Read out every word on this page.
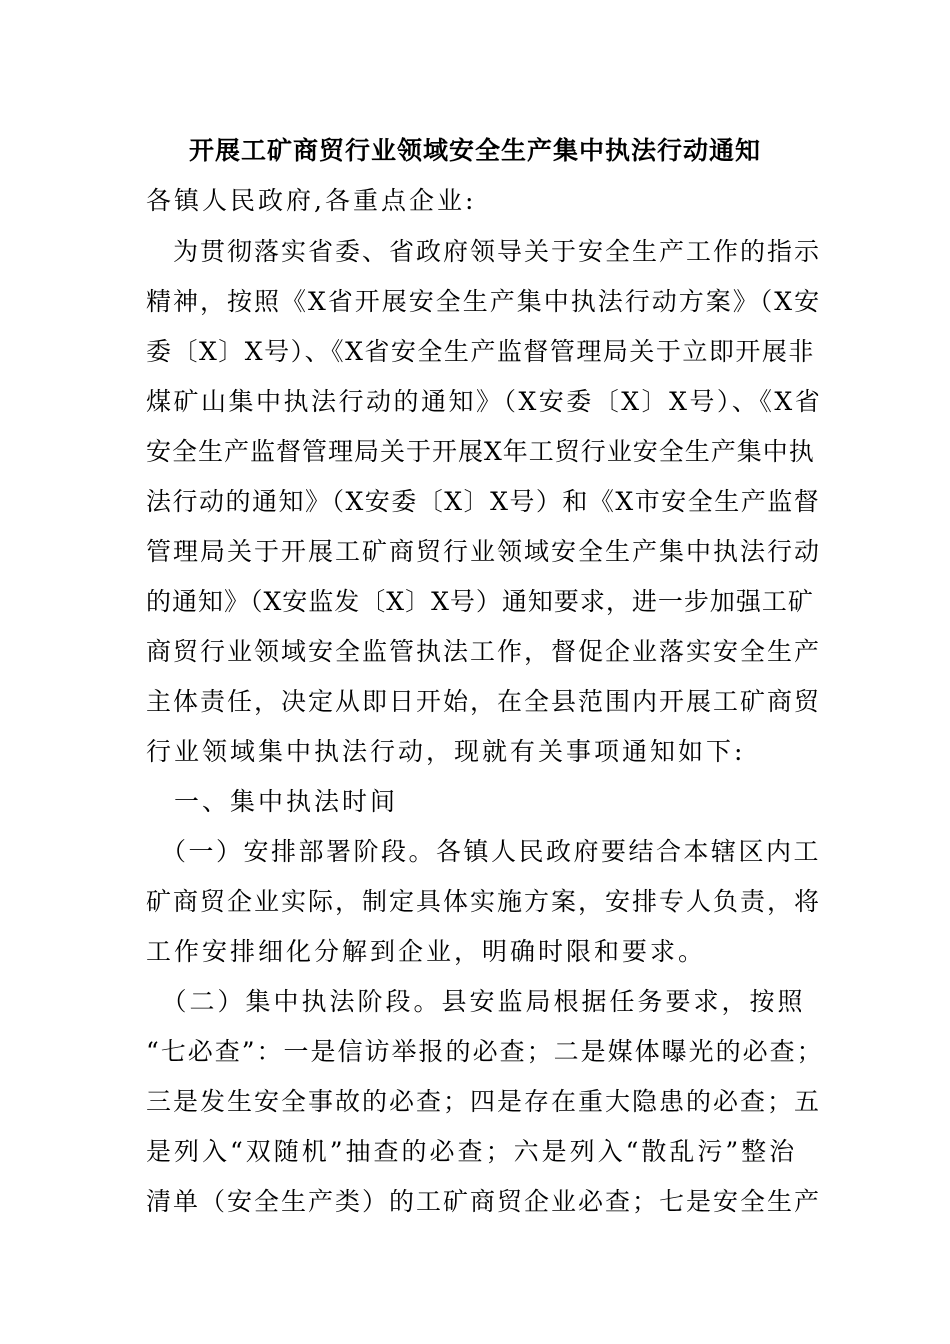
开展工矿商贸行业领域安全生产集中执法行动通知
各镇人民政府,各重点企业:
　为贯彻落实省委、省政府领导关于安全生产工作的指示
精神，按照《X省开展安全生产集中执法行动方案》（X安
委〔X〕X号）、《X省安全生产监督管理局关于立即开展非
煤矿山集中执法行动的通知》（X安委〔X〕X号）、《X省
安全生产监督管理局关于开展X年工贸行业安全生产集中执
法行动的通知》（X安委〔X〕X号）和《X市安全生产监督
管理局关于开展工矿商贸行业领域安全生产集中执法行动
的通知》（X安监发〔X〕X号）通知要求，进一步加强工矿
商贸行业领域安全监管执法工作，督促企业落实安全生产
主体责任，决定从即日开始，在全县范围内开展工矿商贸
行业领域集中执法行动，现就有关事项通知如下:
　一、集中执法时间
　（一）安排部署阶段。各镇人民政府要结合本辖区内工
矿商贸企业实际，制定具体实施方案，安排专人负责，将
工作安排细化分解到企业，明确时限和要求。
　（二）集中执法阶段。县安监局根据任务要求，按照
“七必查”：一是信访举报的必查；二是媒体曝光的必查；
三是发生安全事故的必查；四是存在重大隐患的必查；五
是列入“双随机”抽查的必查；六是列入“散乱污”整治
清单（安全生产类）的工矿商贸企业必查；七是安全生产
